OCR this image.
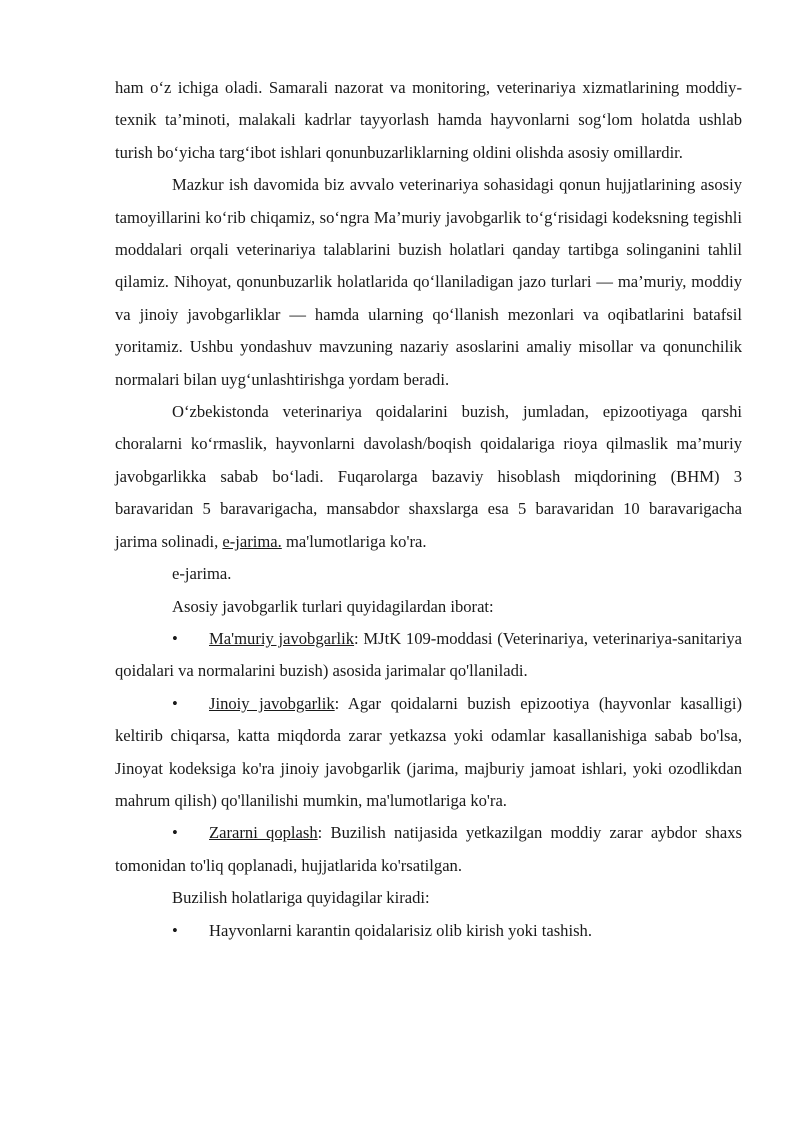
ham o‘z ichiga oladi. Samarali nazorat va monitoring, veterinariya xizmatlarining moddiy-texnik ta’minoti, malakali kadrlar tayyorlash hamda hayvonlarni sog‘lom holatda ushlab turish bo‘yicha targ‘ibot ishlari qonunbuzarliklarning oldini olishda asosiy omillardir.

Mazkur ish davomida biz avvalo veterinariya sohasidagi qonun hujjatlarining asosiy tamoyillarini ko‘rib chiqamiz, so‘ngra Ma’muriy javobgarlik to‘g‘risidagi kodeksning tegishli moddalari orqali veterinariya talablarini buzish holatlari qanday tartibga solinganini tahlil qilamiz. Nihoyat, qonunbuzarlik holatlarida qo‘llaniladigan jazo turlari — ma’muriy, moddiy va jinoiy javobgarliklar — hamda ularning qo‘llanish mezonlari va oqibatlarini batafsil yoritamiz. Ushbu yondashuv mavzuning nazariy asoslarini amaliy misollar va qonunchilik normalari bilan uyg‘unlashtirishga yordam beradi.

O‘zbekistonda veterinariya qoidalarini buzish, jumladan, epizootiyaga qarshi choralarni ko‘rmaslik, hayvonlarni davolash/boqish qoidalariga rioya qilmaslik ma’muriy javobgarlikka sabab bo‘ladi. Fuqarolarga bazaviy hisoblash miqdorining (BHM) 3 baravaridan 5 baravarigacha, mansabdor shaxslarga esa 5 baravaridan 10 baravarigacha jarima solinadi, e-jarima. ma'lumotlariga ko'ra.

e-jarima.

Asosiy javobgarlik turlari quyidagilardan iborat:

• Ma'muriy javobgarlik: MJtK 109-moddasi (Veterinariya, veterinariya-sanitariya qoidalari va normalarini buzish) asosida jarimalar qo'llaniladi.

• Jinoiy javobgarlik: Agar qoidalarni buzish epizootiya (hayvonlar kasalligi) keltirib chiqarsa, katta miqdorda zarar yetkazsa yoki odamlar kasallanishiga sabab bo'lsa, Jinoyat kodeksiga ko'ra jinoiy javobgarlik (jarima, majburiy jamoat ishlari, yoki ozodlikdan mahrum qilish) qo'llanilishi mumkin, ma'lumotlariga ko'ra.

• Zararni qoplash: Buzilish natijasida yetkazilgan moddiy zarar aybdor shaxs tomonidan to'liq qoplanadi, hujjatlarida ko'rsatilgan.

Buzilish holatlariga quyidagilar kiradi:

• Hayvonlarni karantin qoidalarisiz olib kirish yoki tashish.
